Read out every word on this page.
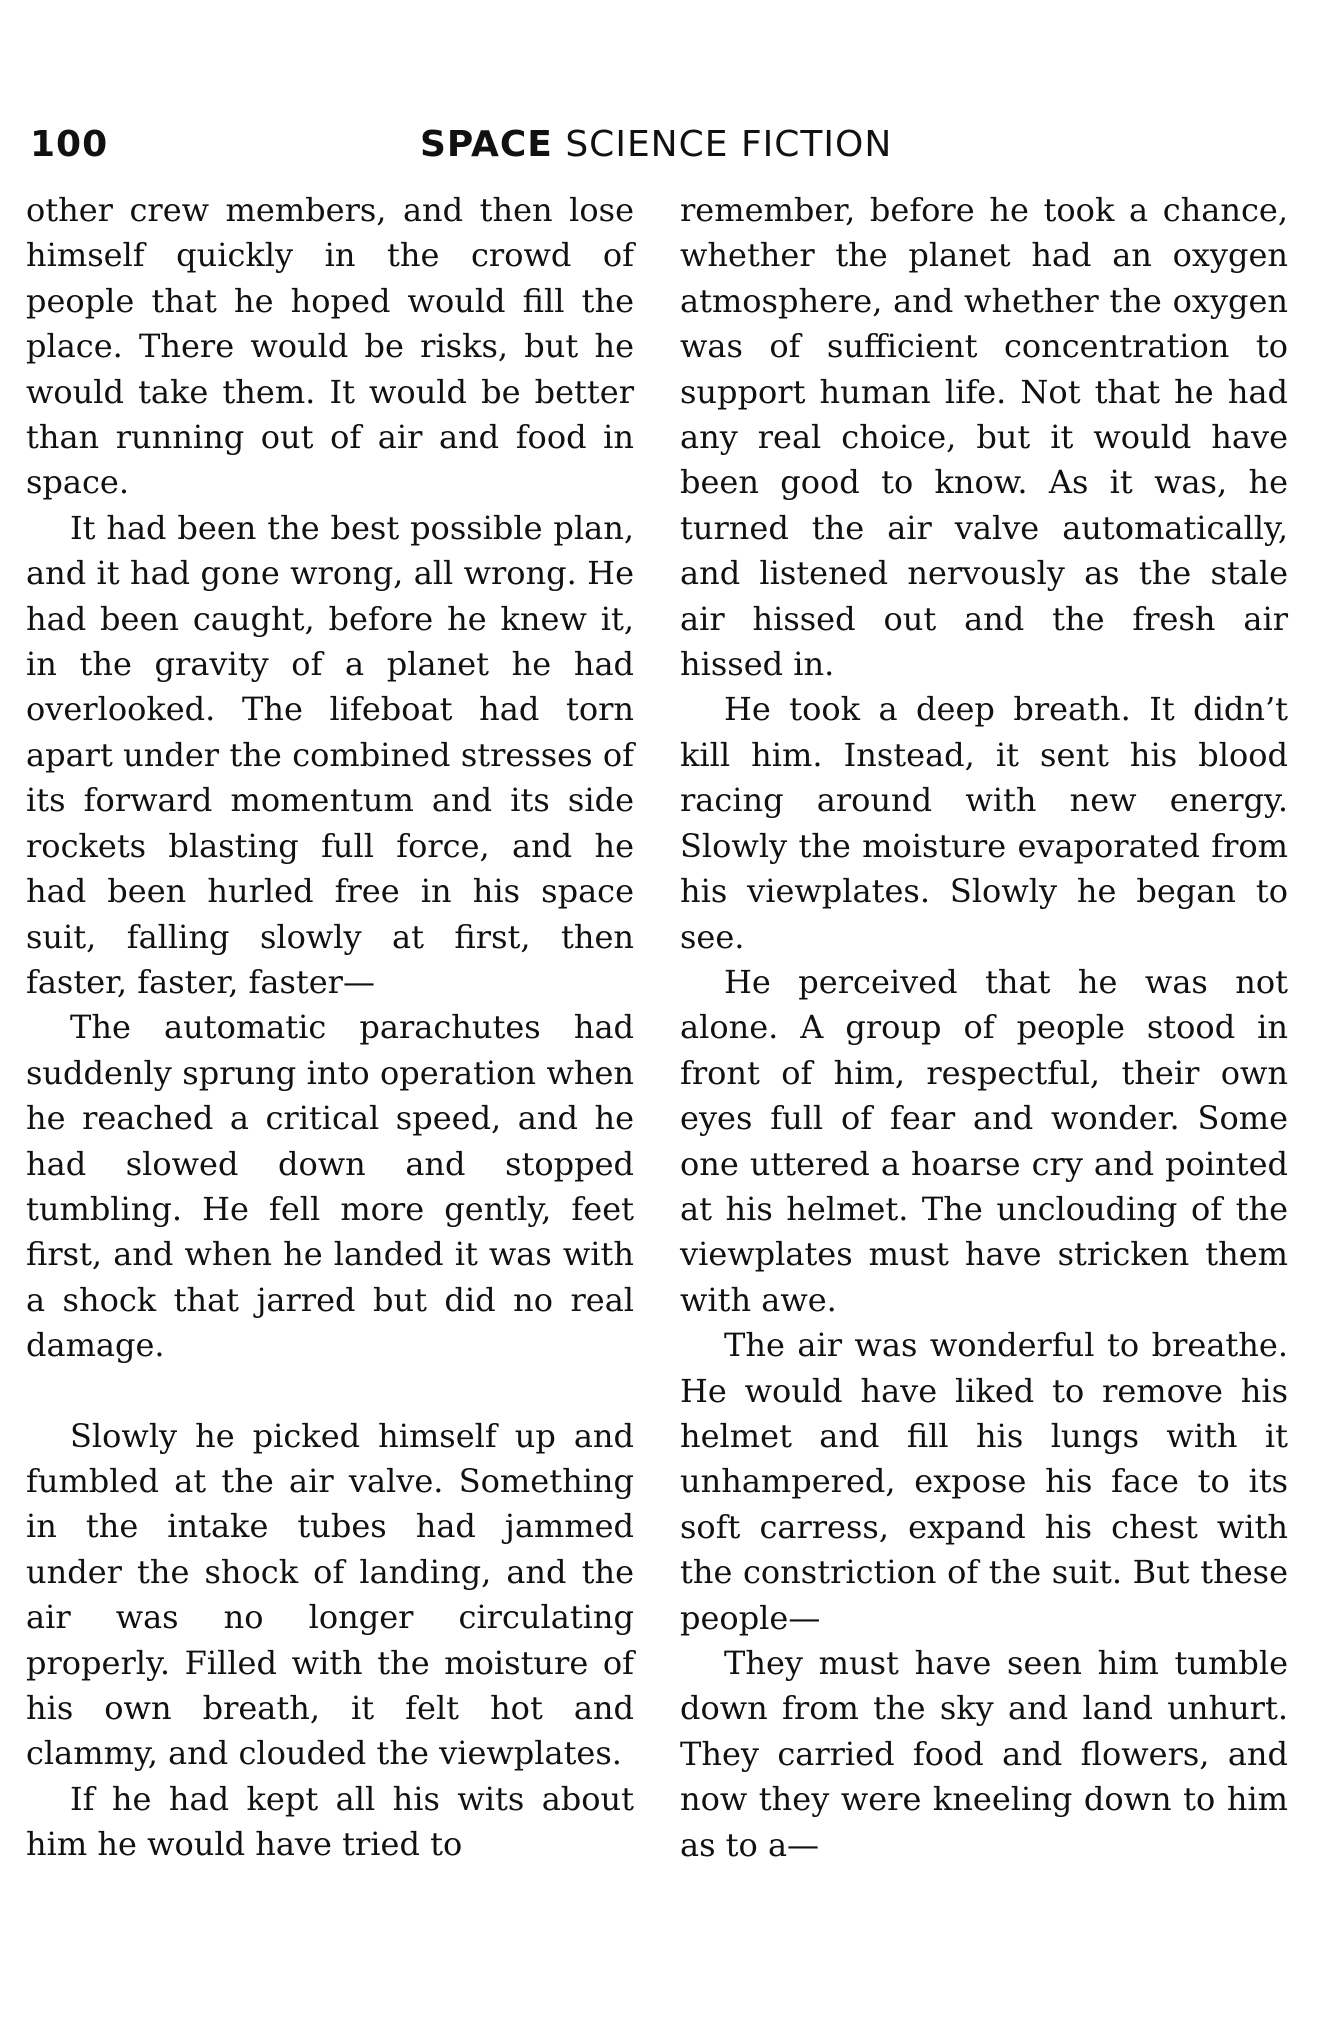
100	SPACE SCIENCE FICTION

other crew members, and then lose himself quickly in the crowd of people that he hoped would fill the place. There would be risks, but he would take them. It would be better than running out of air and food in space.

It had been the best possible plan, and it had gone wrong, all wrong. He had been caught, before he knew it, in the gravity of a planet he had overlooked. The lifeboat had torn apart under the combined stresses of its forward momentum and its side rockets blasting full force, and he had been hurled free in his space suit, falling slowly at first, then faster, faster, faster—

The automatic parachutes had suddenly sprung into operation when he reached a critical speed, and he had slowed down and stopped tumbling. He fell more gently, feet first, and when he landed it was with a shock that jarred but did no real damage.

Slowly he picked himself up and fumbled at the air valve. Something in the intake tubes had jammed under the shock of landing, and the air was no longer circulating properly. Filled with the moisture of his own breath, it felt hot and clammy, and clouded the viewplates.

If he had kept all his wits about him he would have tried to

remember, before he took a chance, whether the planet had an oxygen atmosphere, and whether the oxygen was of sufficient concentration to support human life. Not that he had any real choice, but it would have been good to know. As it was, he turned the air valve automatically, and listened nervously as the stale air hissed out and the fresh air hissed in.

He took a deep breath. It didn’t kill him. Instead, it sent his blood racing around with new energy. Slowly the moisture evaporated from his viewplates. Slowly he began to see.

He perceived that he was not alone. A group of people stood in front of him, respectful, their own eyes full of fear and wonder. Some one uttered a hoarse cry and pointed at his helmet. The unclouding of the viewplates must have stricken them with awe.

The air was wonderful to breathe. He would have liked to remove his helmet and fill his lungs with it unhampered, expose his face to its soft carress, expand his chest with the constriction of the suit. But these people—

They must have seen him tumble down from the sky and land unhurt. They carried food and flowers, and now they were kneeling down to him as to a—
